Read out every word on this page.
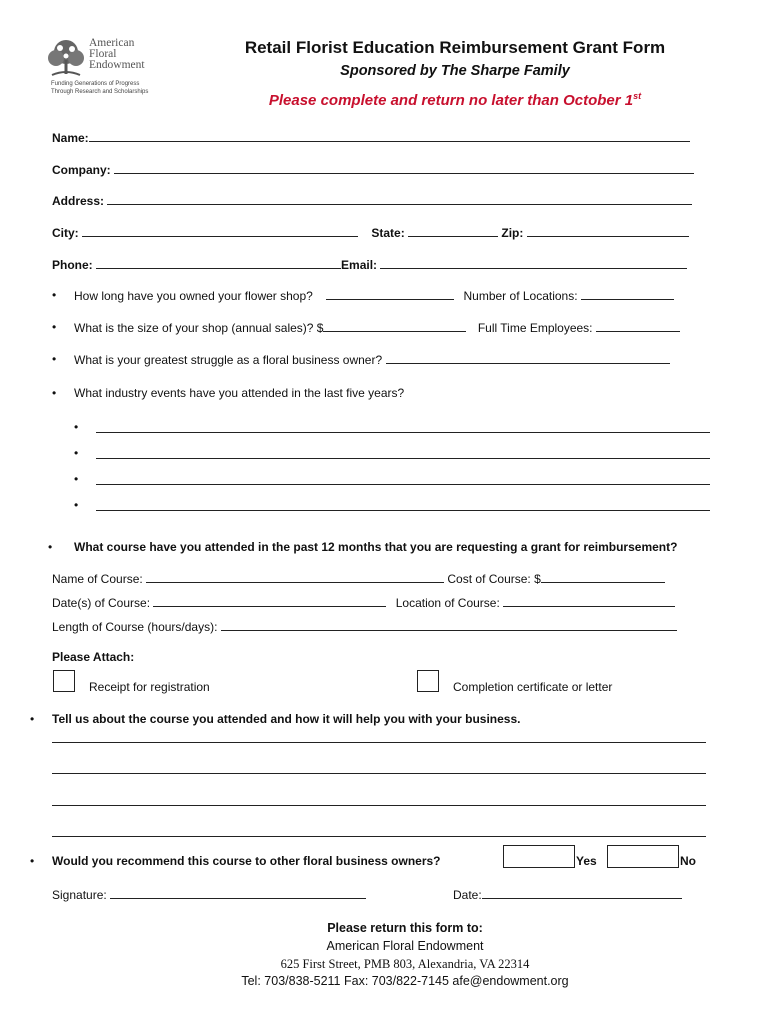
American
Floral
Endowment
Funding Generations of Progress
Through Research and Scholarships
Retail Florist Education Reimbursement Grant Form
Sponsored by The Sharpe Family
Please complete and return no later than October 1st
Name:
Company:
Address:
City:	State:	Zip:
Phone:	Email:
• How long have you owned your flower shop?	Number of Locations:
• What is the size of your shop (annual sales)? $	Full Time Employees:
• What is your greatest struggle as a floral business owner?
• What industry events have you attended in the last five years?
•
•
•
•
• What course have you attended in the past 12 months that you are requesting a grant for reimbursement?
Name of Course:	Cost of Course: $
Date(s) of Course:	Location of Course:
Length of Course (hours/days):
Please Attach:
Receipt for registration	Completion certificate or letter
• Tell us about the course you attended and how it will help you with your business.
• Would you recommend this course to other floral business owners?	Yes	No
Signature:	Date:
Please return this form to:
American Floral Endowment
625 First Street, PMB 803, Alexandria, VA 22314
Tel: 703/838-5211 Fax: 703/822-7145 afe@endowment.org
